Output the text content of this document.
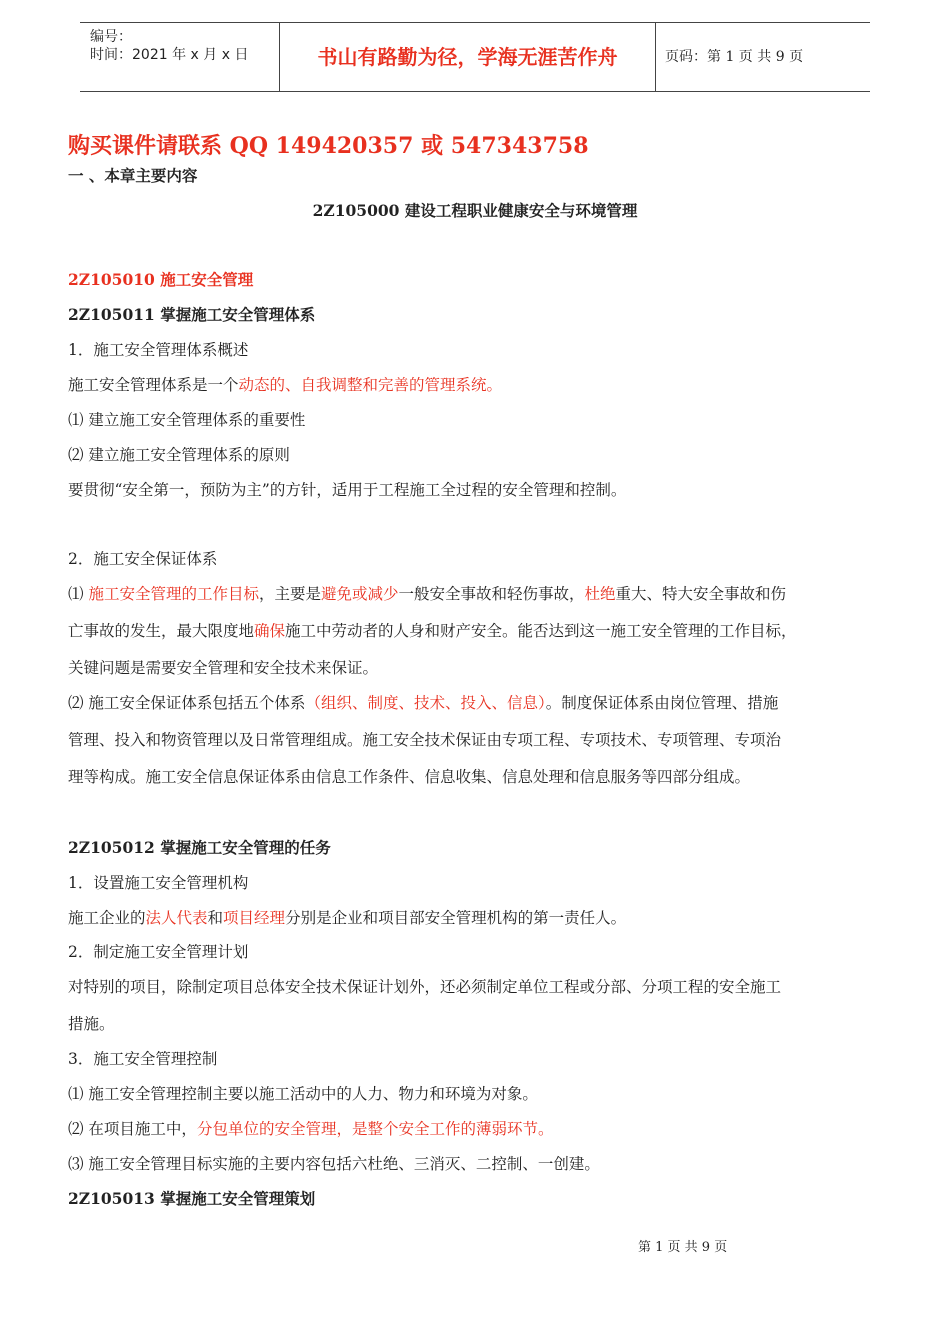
编号：
时间：2021 年 x 月 x 日	书山有路勤为径，学海无涯苦作舟	页码：第 1 页 共 9 页
购买课件请联系 QQ 149420357 或 547343758
一 、本章主要内容
2Z105000 建设工程职业健康安全与环境管理
2Z105010 施工安全管理
2Z105011 掌握施工安全管理体系
1．施工安全管理体系概述
施工安全管理体系是一个动态的、自我调整和完善的管理系统。
⑴ 建立施工安全管理体系的重要性
⑵ 建立施工安全管理体系的原则
要贯彻“安全第一，预防为主”的方针，适用于工程施工全过程的安全管理和控制。
2．施工安全保证体系
⑴ 施工安全管理的工作目标，主要是避免或减少一般安全事故和轻伤事故，杜绝重大、特大安全事故和伤
亡事故的发生，最大限度地确保施工中劳动者的人身和财产安全。能否达到这一施工安全管理的工作目标，
关键问题是需要安全管理和安全技术来保证。
⑵ 施工安全保证体系包括五个体系（组织、制度、技术、投入、信息）。制度保证体系由岗位管理、措施
管理、投入和物资管理以及日常管理组成。施工安全技术保证由专项工程、专项技术、专项管理、专项治
理等构成。施工安全信息保证体系由信息工作条件、信息收集、信息处理和信息服务等四部分组成。
2Z105012 掌握施工安全管理的任务
1．设置施工安全管理机构
施工企业的法人代表和项目经理分别是企业和项目部安全管理机构的第一责任人。
2．制定施工安全管理计划
对特别的项目，除制定项目总体安全技术保证计划外，还必须制定单位工程或分部、分项工程的安全施工
措施。
3．施工安全管理控制
⑴ 施工安全管理控制主要以施工活动中的人力、物力和环境为对象。
⑵ 在项目施工中，分包单位的安全管理，是整个安全工作的薄弱环节。
⑶ 施工安全管理目标实施的主要内容包括六杜绝、三消灭、二控制、一创建。
2Z105013 掌握施工安全管理策划
第 1 页 共 9 页
